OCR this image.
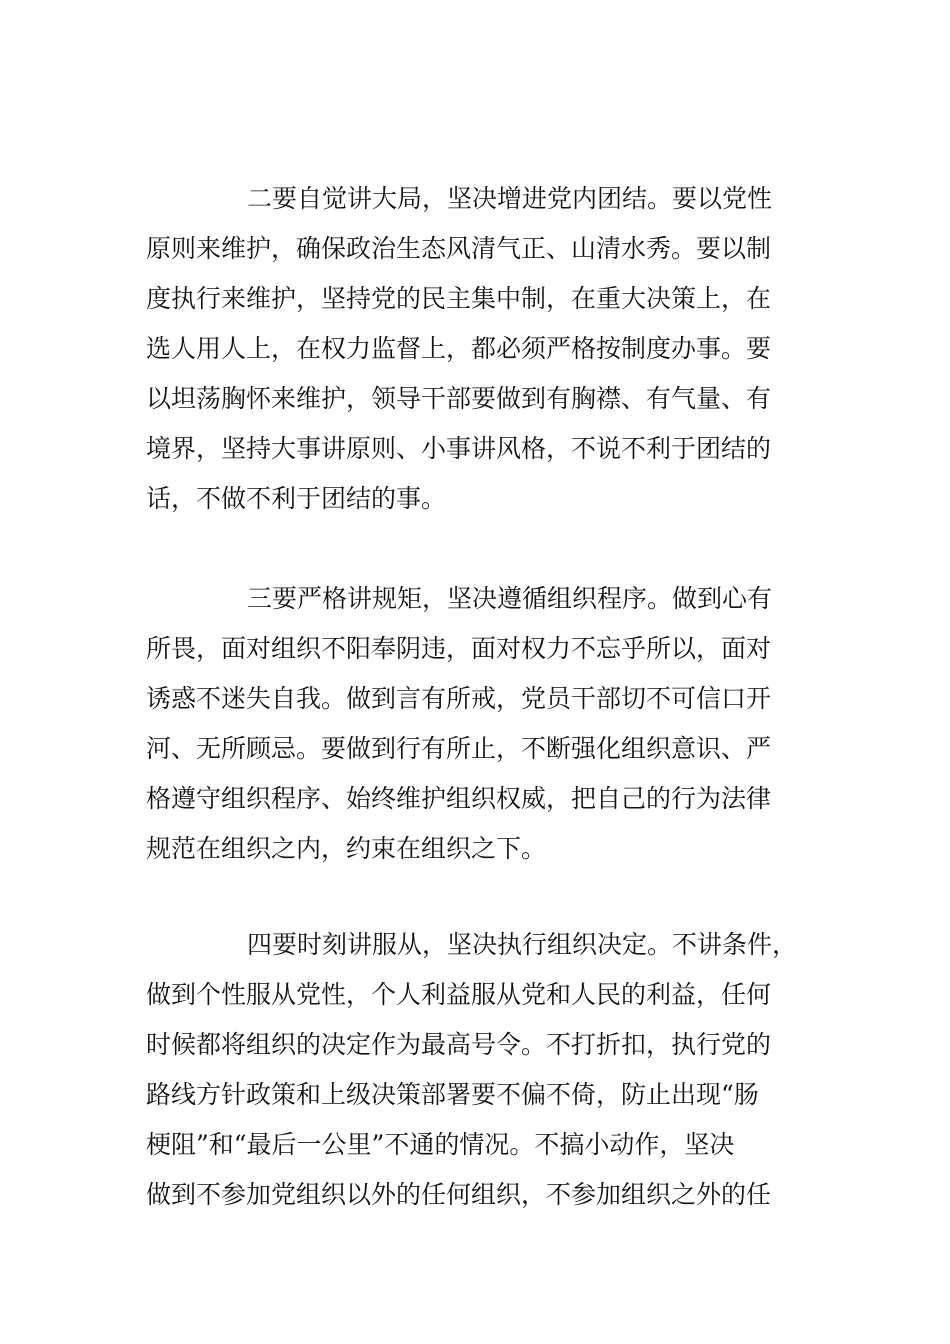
二要自觉讲大局，坚决增进党内团结。要以党性
原则来维护，确保政治生态风清气正、山清水秀。要以制
度执行来维护，坚持党的民主集中制，在重大决策上，在
选人用人上，在权力监督上，都必须严格按制度办事。要
以坦荡胸怀来维护，领导干部要做到有胸襟、有气量、有
境界，坚持大事讲原则、小事讲风格，不说不利于团结的
话，不做不利于团结的事。

三要严格讲规矩，坚决遵循组织程序。做到心有
所畏，面对组织不阳奉阴违，面对权力不忘乎所以，面对
诱惑不迷失自我。做到言有所戒，党员干部切不可信口开
河、无所顾忌。要做到行有所止，不断强化组织意识、严
格遵守组织程序、始终维护组织权威，把自己的行为法律
规范在组织之内，约束在组织之下。

四要时刻讲服从，坚决执行组织决定。不讲条件，
做到个性服从党性，个人利益服从党和人民的利益，任何
时候都将组织的决定作为最高号令。不打折扣，执行党的
路线方针政策和上级决策部署要不偏不倚，防止出现“肠
梗阻”和“最后一公里”不通的情况。不搞小动作，坚决
做到不参加党组织以外的任何组织，不参加组织之外的任
